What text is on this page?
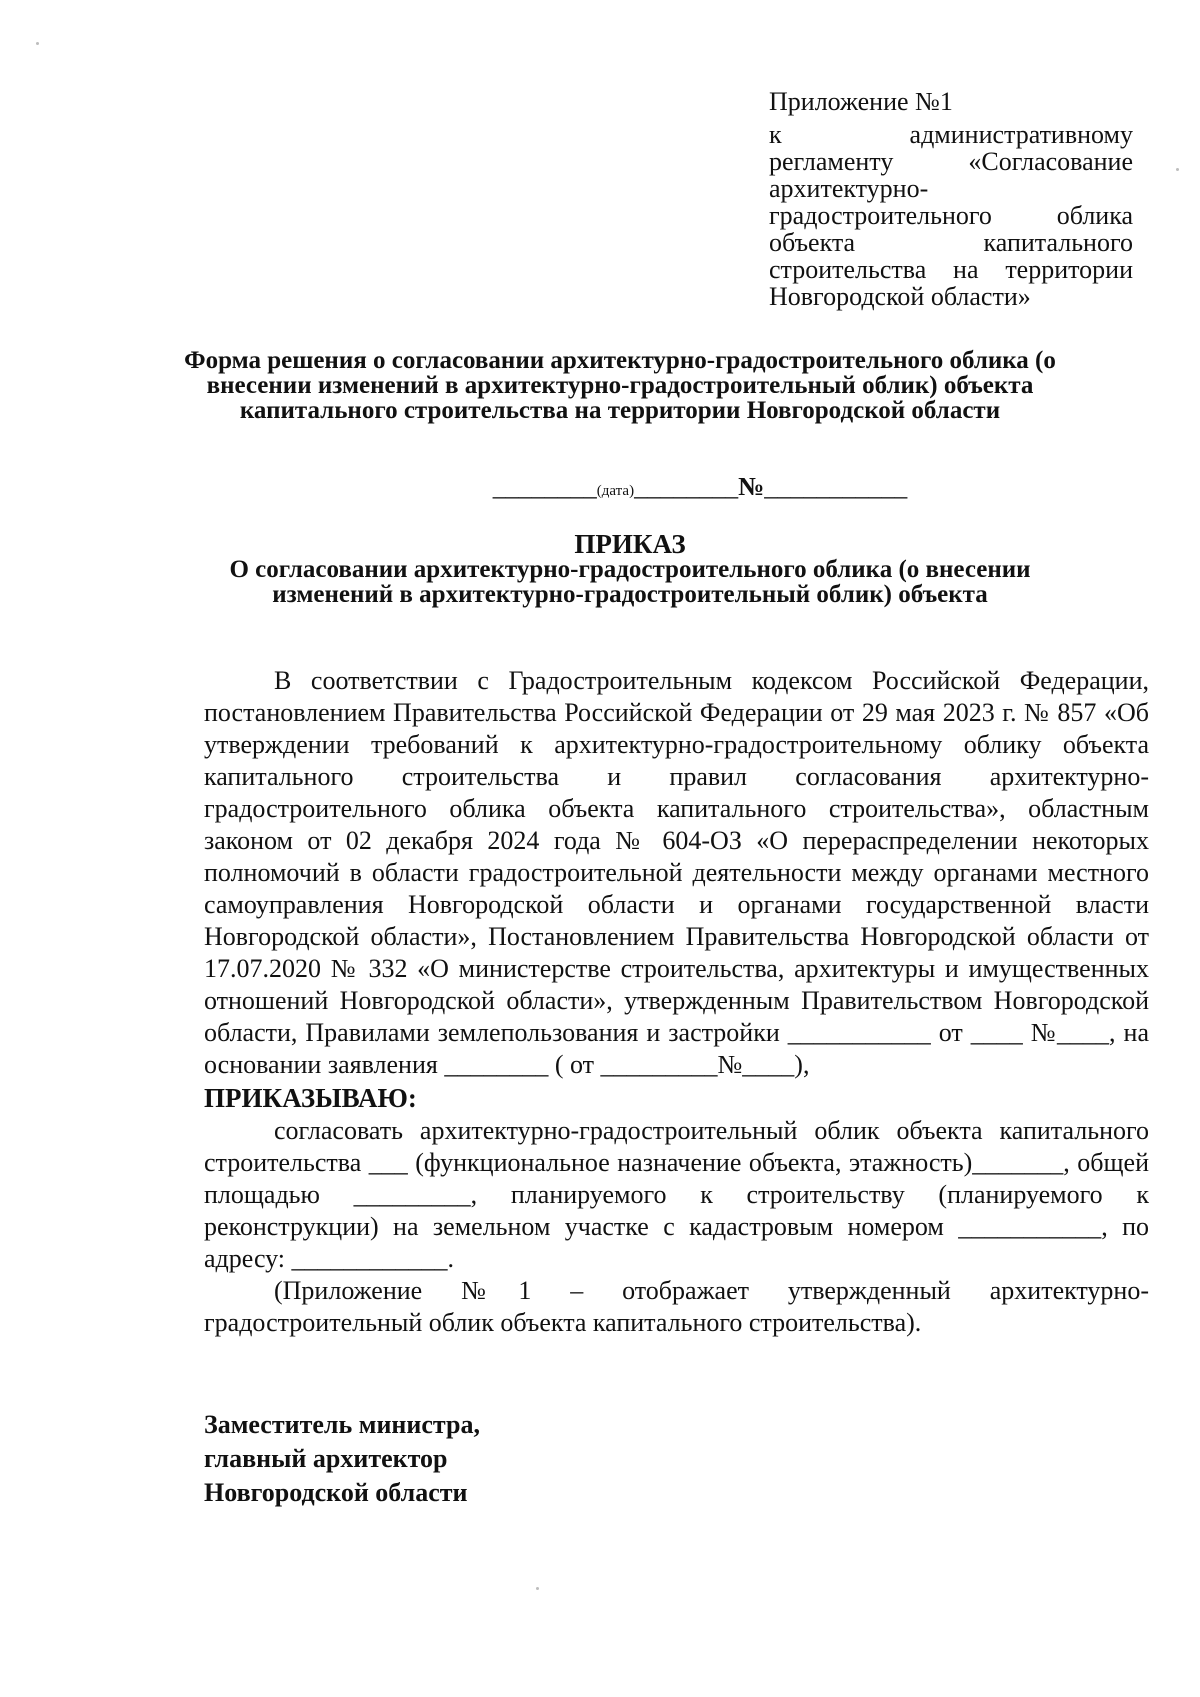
Приложение №1
к административному регламенту «Согласование архитектурно-градостроительного облика объекта капитального строительства на территории Новгородской области»
Форма решения о согласовании архитектурно-градостроительного облика (о внесении изменений в архитектурно-градостроительный облик) объекта капитального строительства на территории Новгородской области
________(дата)________№___________
ПРИКАЗ
О согласовании архитектурно-градостроительного облика (о внесении изменений в архитектурно-градостроительный облик) объекта

В соответствии с Градостроительным кодексом Российской Федерации, постановлением Правительства Российской Федерации от 29 мая 2023 г. № 857 «Об утверждении требований к архитектурно-градостроительному облику объекта капитального строительства и правил согласования архитектурно-градостроительного облика объекта капитального строительства», областным законом от 02 декабря 2024 года № 604-ОЗ «О перераспределении некоторых полномочий в области градостроительной деятельности между органами местного самоуправления Новгородской области и органами государственной власти Новгородской области», Постановлением Правительства Новгородской области от 17.07.2020 № 332 «О министерстве строительства, архитектуры и имущественных отношений Новгородской области», утвержденным Правительством Новгородской области, Правилами землепользования и застройки ___________ от ____ №____, на основании заявления ________ ( от _________№____),

ПРИКАЗЫВАЮ:

согласовать архитектурно-градостроительный облик объекта капитального строительства ___ (функциональное назначение объекта, этажность)_______, общей площадью _________, планируемого к строительству (планируемого к реконструкции) на земельном участке с кадастровым номером ___________, по адресу: ____________.

(Приложение №1 – отображает утвержденный архитектурно-градостроительный облик объекта капитального строительства).

Заместитель министра,
главный архитектор
Новгородской области
